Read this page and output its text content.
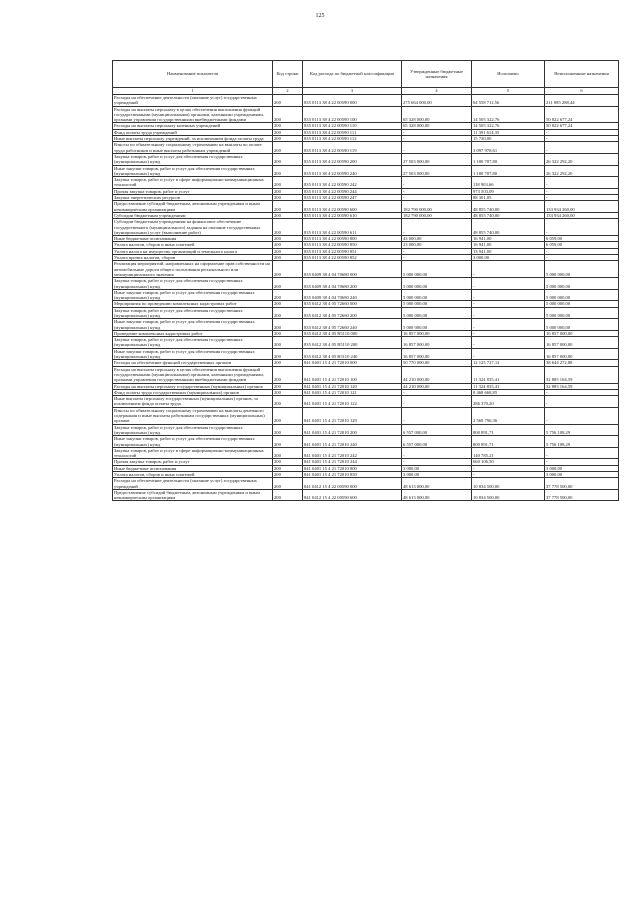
125
Наименование показателя	Код строки	Код расхода по бюджетной классификации	Утвержденные бюджетные назначения	Исполнено	Неисполненные назначения
1	2	3	4	5	6
Расходы на обеспечение деятельности (оказание услуг) государственных учреждений	200	835 0113 38 4 22 00590 000	275 664 000,00	64 558 711,56	211 085 288,44
Расходы на выплаты персоналу в целях обеспечения выполнения функций государственными (муниципальными) органами, казенными учреждениями, органами управления государственными внебюджетными фондами	200	835 0113 38 4 22 00590 100	65 328 000,00	14 505 322,76	50 822 677,24
Расходы на выплаты персоналу казенных учреждений	200	835 0113 38 4 22 00590 110	65 328 000,00	14 505 322,76	50 822 677,24
Фонд оплаты труда учреждений	200	835 0113 38 4 22 00590 111	-	11 391 614,35	-
Иные выплаты персоналу учреждений, за исключением фонда оплаты труда	200	835 0113 38 4 22 00590 112	-	15 730,00	-
Взносы по обязательному социальному страхованию на выплаты по оплате труда работников и иные выплаты работникам учреждений	200	835 0113 38 4 22 00590 119	-	3 097 978,61	-
Закупка товаров, работ и услуг для обеспечения государственных (муниципальных) нужд	200	835 0113 38 4 22 00590 200	27 503 000,00	1 180 707,80	26 322 292,20
Иные закупки товаров, работ и услуг для обеспечения государственных (муниципальных) нужд	200	835 0113 38 4 22 00590 240	27 503 000,00	1 180 707,80	26 322 292,20
Закупка товаров, работ и услуг в сфере информационно-коммуникационных технологий	200	835 0113 38 4 22 00590 242	-	118 903,66	-
Прочая закупка товаров, работ и услуг	200	835 0113 38 4 22 00590 244	-	973 503,09	-
Закупка энергетических ресурсов	200	835 0113 38 4 22 00590 247	-	88 301,05	-
Предоставление субсидий бюджетным, автономным учреждениям и иным некоммерческим организациям	200	835 0113 38 4 22 00590 600	182 790 000,00	48 855 740,00	133 934 260,00
Субсидии бюджетным учреждениям	200	835 0113 38 4 22 00590 610	182 790 000,00	48 855 740,00	133 934 260,00
Субсидии бюджетным учреждениям на финансовое обеспечение государственного (муниципального) задания на оказание государственных (муниципальных) услуг (выполнение работ)	200	835 0113 38 4 22 00590 611	-	48 855 740,00	-
Иные бюджетные ассигнования	200	835 0113 38 4 22 00590 800	43 000,00	16 941,00	6 059,00
Уплата налогов, сборов и иных платежей	200	835 0113 38 4 22 00590 850	23 000,00	16 941,00	6 059,00
Уплата налога на имущество организаций и земельного налога	200	835 0113 38 4 22 00590 851	-	13 941,00	-
Уплата прочих налогов, сборов	200	835 0113 38 4 22 00590 852	-	3 000,00	-
Реализация мероприятий, направленных на оформление прав собственности на автомобильные дороги общего пользования регионального или межмуниципального значения	200	835 0409 38 4 04 70680 000	5 000 000,00	-	5 000 000,00
Закупка товаров, работ и услуг для обеспечения государственных (муниципальных) нужд	200	835 0409 38 4 04 70680 200	5 000 000,00	-	5 000 000,00
Иные закупки товаров, работ и услуг для обеспечения государственных (муниципальных) нужд	200	835 0409 38 4 04 70680 240	5 000 000,00	-	5 000 000,00
Мероприятия по проведению комплексных кадастровых работ	200	835 0412 38 4 05 72660 000	5 000 000,00	-	5 000 000,00
Закупка товаров, работ и услуг для обеспечения государственных (муниципальных) нужд	200	835 0412 38 4 05 72660 200	5 000 000,00	-	5 000 000,00
Иные закупки товаров, работ и услуг для обеспечения государственных (муниципальных) нужд	200	835 0412 38 4 05 72660 240	5 000 000,00	-	5 000 000,00
Проведение комплексных кадастровых работ	200	835 0412 38 4 05 R5110 000	16 857 000,00	-	16 857 000,00
Закупка товаров, работ и услуг для обеспечения государственных (муниципальных) нужд	200	835 0412 38 4 05 R5110 200	16 857 000,00	-	16 857 000,00
Иные закупки товаров, работ и услуг для обеспечения государственных (муниципальных) нужд	200	835 0412 38 4 05 R5110 240	16 857 000,00	-	16 857 000,00
Расходы на обеспечение функций государственных органов	200	841 0401 15 4 21 72010 000	50 770 000,00	12 125 727,12	38 644 272,88
Расходы на выплаты персоналу в целях обеспечения выполнения функций государственными (муниципальными) органами, казенными учреждениями, органами управления государственными внебюджетными фондами	200	841 0401 15 4 21 72010 100	44 210 000,00	11 324 835,41	32 885 164,59
Расходы на выплаты персоналу государственных (муниципальных) органов	200	841 0401 15 4 21 72010 120	44 210 000,00	11 324 835,41	32 885 164,59
Фонд оплаты труда государственных (муниципальных) органов	200	841 0401 15 4 21 72010 121	-	8 468 668,85	-
Иные выплаты персоналу государственных (муниципальных) органов, за исключением фонда оплаты труда	200	841 0401 15 4 21 72010 122	-	286 370,20	-
Взносы по обязательному социальному страхованию на выплаты денежного содержания и иные выплаты работникам государственных (муниципальных) органов	200	841 0401 15 4 21 72010 129	-	2 569 796,36	-
Закупка товаров, работ и услуг для обеспечения государственных (муниципальных) нужд	200	841 0401 15 4 21 72010 200	6 557 000,00	800 891,71	5 756 108,29
Иные закупки товаров, работ и услуг для обеспечения государственных (муниципальных) нужд	200	841 0401 15 4 21 72010 240	6 557 000,00	800 891,71	5 756 108,29
Закупка товаров, работ и услуг в сфере информационно-коммуникационных технологий	200	841 0401 15 4 21 72010 242	-	140 785,21	-
Прочая закупка товаров, работ и услуг	200	841 0401 15 4 21 72010 244	-	660 106,50	-
Иные бюджетные ассигнования	200	841 0401 15 4 21 72010 800	3 000,00	-	3 000,00
Уплата налогов, сборов и иных платежей	200	841 0401 15 4 21 72010 850	3 000,00	-	3 000,00
Расходы на обеспечение деятельности (оказание услуг) государственных учреждений	200	841 0412 15 4 22 00590 000	48 613 000,00	10 834 500,00	37 778 500,00
Предоставление субсидий бюджетным, автономным учреждениям и иным некоммерческим организациям	200	841 0412 15 4 22 00590 600	48 613 000,00	10 834 500,00	37 778 500,00
